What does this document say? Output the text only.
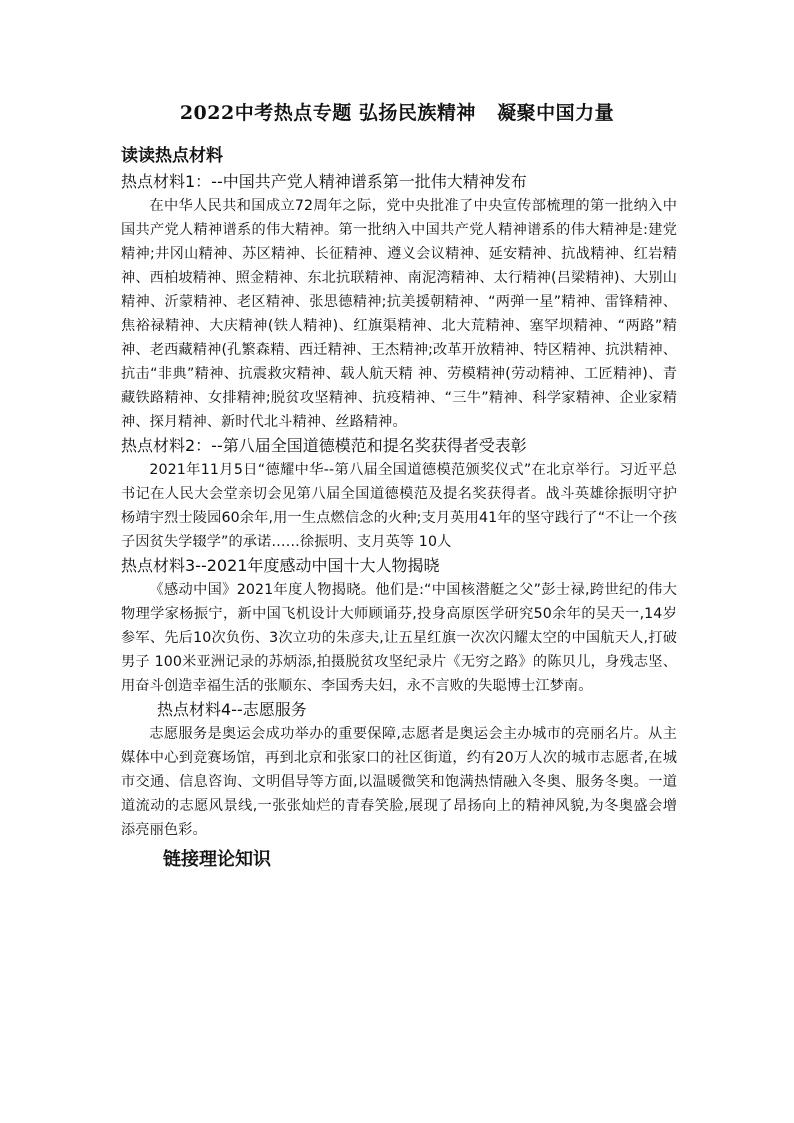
2022中考热点专题 弘扬民族精神   凝聚中国力量

读读热点材料

热点材料1：--中国共产党人精神谱系第一批伟大精神发布

在中华人民共和国成立72周年之际，党中央批准了中央宣传部梳理的第一批纳入中国共产党人精神谱系的伟大精神。第一批纳入中国共产党人精神谱系的伟大精神是:建党精神;井冈山精神、苏区精神、长征精神、遵义会议精神、延安精神、抗战精神、红岩精神、西柏坡精神、照金精神、东北抗联精神、南泥湾精神、太行精神(吕梁精神)、大别山精神、沂蒙精神、老区精神、张思德精神;抗美援朝精神、“两弹一星”精神、雷锋精神、焦裕禄精神、大庆精神(铁人精神)、红旗渠精神、北大荒精神、塞罕坝精神、“两路”精神、老西藏精神(孔繁森精、西迁精神、王杰精神;改革开放精神、特区精神、抗洪精神、抗击“非典”精神、抗震救灾精神、载人航天精 神、劳模精神(劳动精神、工匠精神)、青藏铁路精神、女排精神;脱贫攻坚精神、抗疫精神、“三牛”精神、科学家精神、企业家精神、探月精神、新时代北斗精神、丝路精神。

热点材料2：--第八届全国道德模范和提名奖获得者受表彰

2021年11月5日“德耀中华--第八届全国道德模范颁奖仪式”在北京举行。习近平总书记在人民大会堂亲切会见第八届全国道德模范及提名奖获得者。战斗英雄徐振明守护杨靖宇烈士陵园60余年,用一生点燃信念的火种;支月英用41年的坚守践行了“不让一个孩子因贫失学辍学”的承诺……徐振明、支月英等 10人

热点材料3--2021年度感动中国十大人物揭晓

《感动中国》2021年度人物揭晓。他们是:“中国核潜艇之父”彭士禄,跨世纪的伟大物理学家杨振宁，新中国飞机设计大师顾诵芬,投身高原医学研究50余年的吴天一,14岁参军、先后10次负伤、3次立功的朱彦夫,让五星红旗一次次闪耀太空的中国航天人,打破男子 100米亚洲记录的苏炳添,拍摄脱贫攻坚纪录片《无穷之路》的陈贝儿，身残志坚、用奋斗创造幸福生活的张顺东、李国秀夫妇，永不言败的失聪博士江梦南。

热点材料4--志愿服务

志愿服务是奥运会成功举办的重要保障,志愿者是奥运会主办城市的亮丽名片。从主媒体中心到竞赛场馆，再到北京和张家口的社区街道，约有20万人次的城市志愿者,在城市交通、信息咨询、文明倡导等方面,以温暖微笑和饱满热情融入冬奥、服务冬奥。一道道流动的志愿风景线,一张张灿烂的青春笑脸,展现了昂扬向上的精神风貌,为冬奥盛会增添亮丽色彩。

链接理论知识
